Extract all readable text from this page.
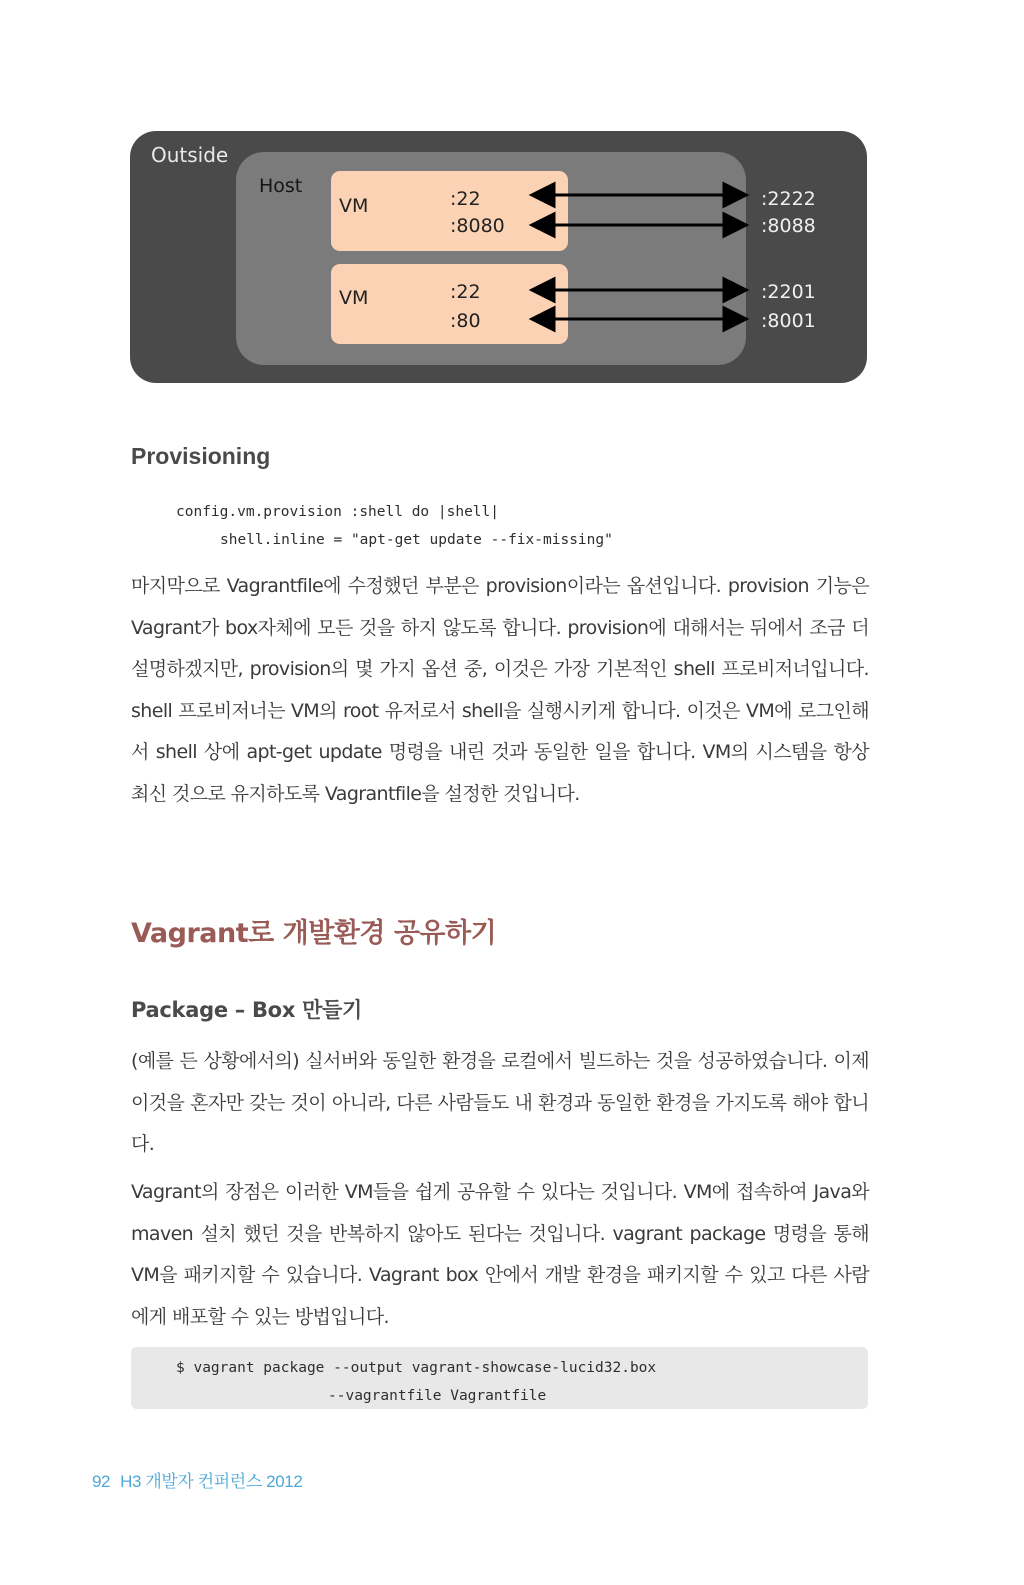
Outside
Host
VM	:22
:8080
VM	:22
:80
:2222
:8088
:2201
:8001
Provisioning
config.vm.provision :shell do |shell|

shell.inline = "apt-get update --fix-missing"

마지막으로 Vagrantfile에 수정했던 부분은 provision이라는 옵션입니다. provision 기능은 Vagrant가 box자체에 모든 것을 하지 않도록 합니다. provision에 대해서는 뒤에서 조금 더 설명하겠지만, provision의 몇 가지 옵션 중, 이것은 가장 기본적인 shell 프로비저너입니다. shell 프로비저너는 VM의 root 유저로서 shell을 실행시키게 합니다. 이것은 VM에 로그인해서 shell 상에 apt-get update 명령을 내린 것과 동일한 일을 합니다. VM의 시스템을 항상 최신 것으로 유지하도록 Vagrantfile을 설정한 것입니다.

Vagrant로 개발환경 공유하기
Package – Box 만들기

(예를 든 상황에서의) 실서버와 동일한 환경을 로컬에서 빌드하는 것을 성공하였습니다. 이제 이것을 혼자만 갖는 것이 아니라, 다른 사람들도 내 환경과 동일한 환경을 가지도록 해야 합니다.

Vagrant의 장점은 이러한 VM들을 쉽게 공유할 수 있다는 것입니다. VM에 접속하여 Java와 maven 설치 했던 것을 반복하지 않아도 된다는 것입니다. vagrant package 명령을 통해 VM을 패키지할 수 있습니다. Vagrant box 안에서 개발 환경을 패키지할 수 있고 다른 사람에게 배포할 수 있는 방법입니다.

$ vagrant package --output vagrant-showcase-lucid32.box

--vagrantfile Vagrantfile
92 H3 개발자 컨퍼런스 2012
